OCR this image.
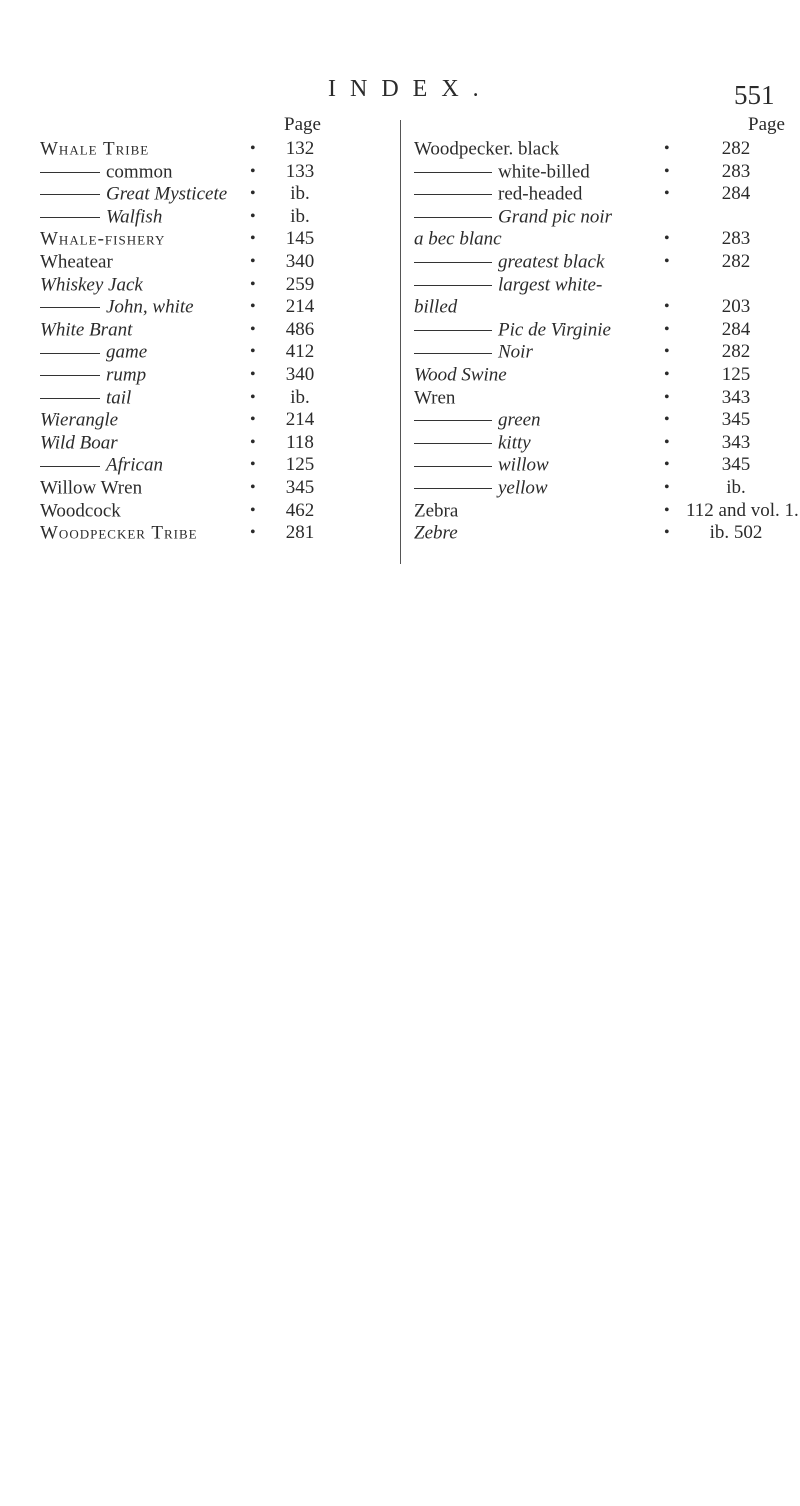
INDEX.	551
Page
Whale Tribe	•	132
common	•	133
Great Mysticete •	ib.
Walfish	•	ib.
Whale-fishery	•	145
Wheatear	•	340
Whiskey Jack	•	259
John, white	•	214
White Brant	•	486
game	•	412
rump	•	340
tail	•	ib.
Wierangle	•	214
Wild Boar	•	118
African	•	125
Willow Wren	•	345
Woodcock	•	462
Woodpecker Tribe	•	281
Page
Woodpecker. black	•	282
white-billed	•	283
red-headed	•	284
Grand pic noir
a bec blanc	•	283
greatest black	•	282
largest white-
billed	•	203
Pic de Virginie	•	284
Noir	•	282
Wood Swine	•	125
Wren	•	343
green	•	345
kitty	•	343
willow	•	345
yellow	•	ib.
Zebra	• 112 and vol. 1.
Zebre	•	ib. 502
